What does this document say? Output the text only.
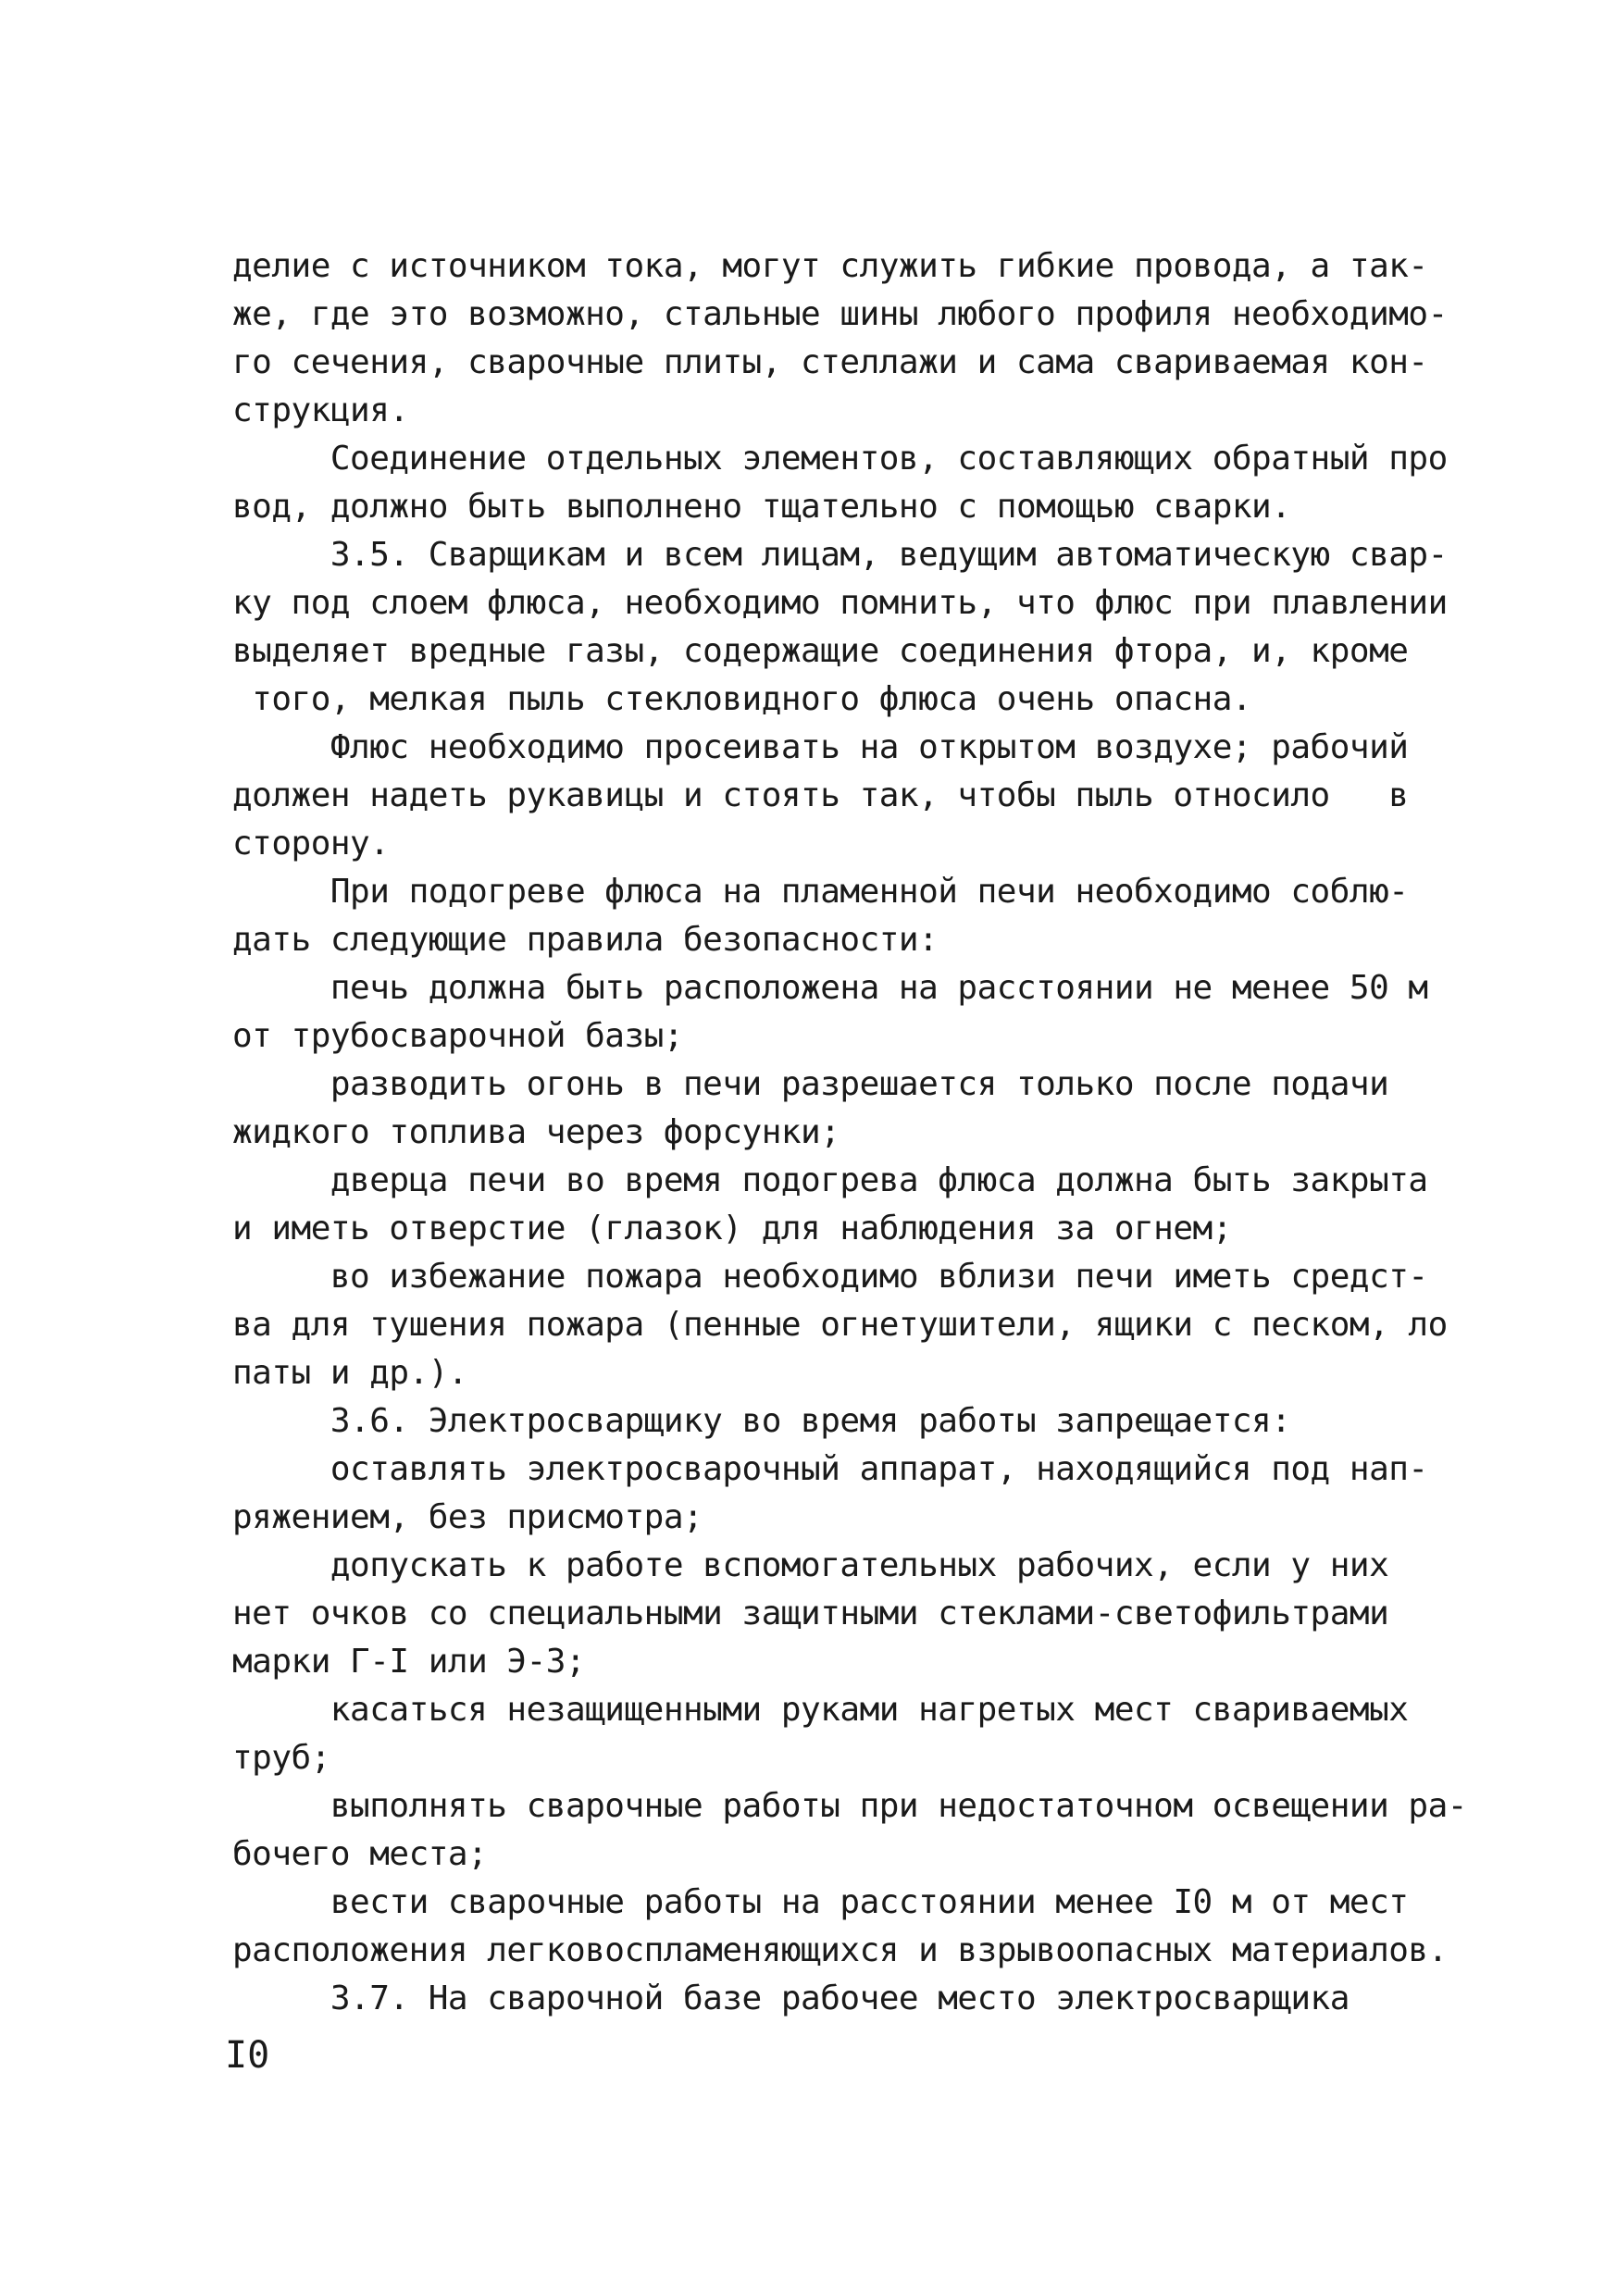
делие с источником тока, могут служить гибкие провода, а так-
же, где это возможно, стальные шины любого профиля необходимо-
го сечения, сварочные плиты, стеллажи и сама свариваемая кон-
струкция.
Соединение отдельных элементов, составляющих обратный про
вод, должно быть выполнено тщательно с помощью сварки.
3.5. Сварщикам и всем лицам, ведущим автоматическую свар-
ку под слоем флюса, необходимо помнить, что флюс при плавлении
выделяет вредные газы, содержащие соединения фтора, и, кроме
того, мелкая пыль стекловидного флюса очень опасна.
Флюс необходимо просеивать на открытом воздухе; рабочий
должен надеть рукавицы и стоять так, чтобы пыль относило   в
сторону.
При подогреве флюса на пламенной печи необходимо соблю-
дать следующие правила безопасности:
печь должна быть расположена на расстоянии не менее 50 м
от трубосварочной базы;
разводить огонь в печи разрешается только после подачи
жидкого топлива через форсунки;
дверца печи во время подогрева флюса должна быть закрыта
и иметь отверстие (глазок) для наблюдения за огнем;
во избежание пожара необходимо вблизи печи иметь средст-
ва для тушения пожара (пенные огнетушители, ящики с песком, ло
паты и др.).
3.6. Электросварщику во время работы запрещается:
оставлять электросварочный аппарат, находящийся под нап-
ряжением, без присмотра;
допускать к работе вспомогательных рабочих, если у них
нет очков со специальными защитными стеклами-светофильтрами
марки Г-I или Э-3;
касаться незащищенными руками нагретых мест свариваемых
труб;
выполнять сварочные работы при недостаточном освещении ра-
бочего места;
вести сварочные работы на расстоянии менее I0 м от мест
расположения легковоспламеняющихся и взрывоопасных материалов.
3.7. На сварочной базе рабочее место электросварщика
I0
